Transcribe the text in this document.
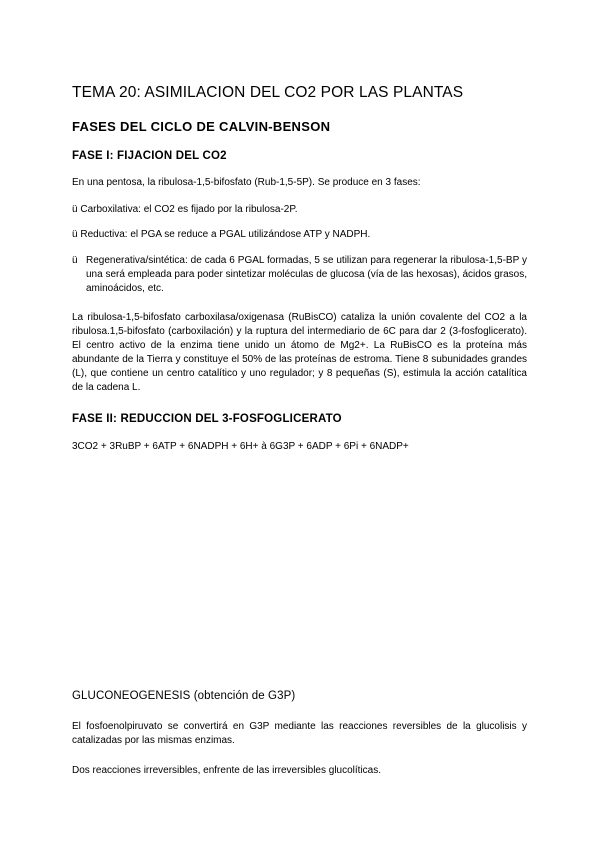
TEMA 20: ASIMILACION DEL CO2 POR LAS PLANTAS
FASES DEL CICLO DE CALVIN-BENSON
FASE I: FIJACION DEL CO2

En una pentosa, la ribulosa-1,5-bifosfato (Rub-1,5-5P). Se produce en 3 fases:

ü Carboxilativa: el CO2 es fijado por la ribulosa-2P.

ü Reductiva: el PGA se reduce a PGAL utilizándose ATP y NADPH.

ü Regenerativa/sintética: de cada 6 PGAL formadas, 5 se utilizan para regenerar la ribulosa-1,5-BP y una será empleada para poder sintetizar moléculas de glucosa (vía de las hexosas), ácidos grasos, aminoácidos, etc.

La ribulosa-1,5-bifosfato carboxilasa/oxigenasa (RuBisCO) cataliza la unión covalente del CO2 a la ribulosa.1,5-bifosfato (carboxilación) y la ruptura del intermediario de 6C para dar 2 (3-fosfoglicerato). El centro activo de la enzima tiene unido un átomo de Mg2+. La RuBisCO es la proteína más abundante de la Tierra y constituye el 50% de las proteínas de estroma. Tiene 8 subunidades grandes (L), que contiene un centro catalítico y uno regulador; y 8 pequeñas (S), estimula la acción catalítica de la cadena L.

FASE II: REDUCCION DEL 3-FOSFOGLICERATO

3CO2 + 3RuBP + 6ATP + 6NADPH + 6H+ à 6G3P + 6ADP + 6Pi + 6NADP+

GLUCONEOGENESIS (obtención de G3P)

El fosfoenolpiruvato se convertirá en G3P mediante las reacciones reversibles de la glucolisis y catalizadas por las mismas enzimas.

Dos reacciones irreversibles, enfrente de las irreversibles glucolíticas.
